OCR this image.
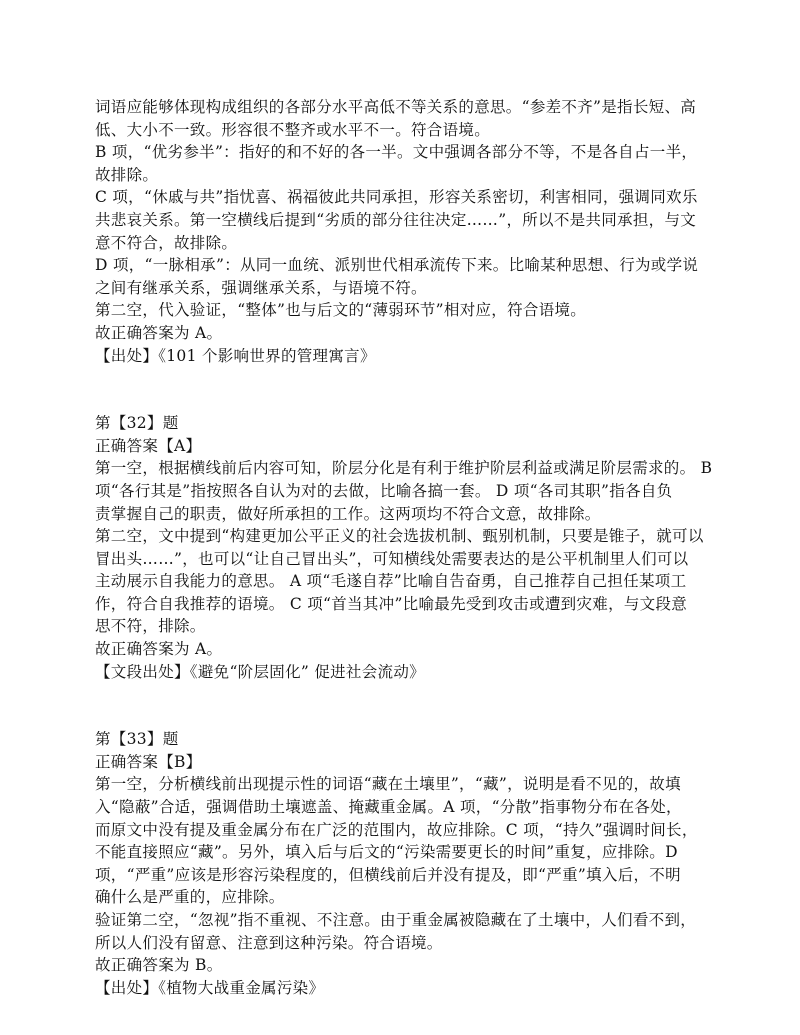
词语应能够体现构成组织的各部分水平高低不等关系的意思。“参差不齐”是指长短、高
低、大小不一致。形容很不整齐或水平不一。符合语境。
B 项，“优劣参半”：指好的和不好的各一半。文中强调各部分不等，不是各自占一半，
故排除。
C 项，“休戚与共”指忧喜、祸福彼此共同承担，形容关系密切，利害相同，强调同欢乐
共悲哀关系。第一空横线后提到“劣质的部分往往决定……”，所以不是共同承担，与文
意不符合，故排除。
D 项，“一脉相承”：从同一血统、派别世代相承流传下来。比喻某种思想、行为或学说
之间有继承关系，强调继承关系，与语境不符。
第二空，代入验证，“整体”也与后文的“薄弱环节”相对应，符合语境。
故正确答案为 A。
【出处】《101 个影响世界的管理寓言》
第【32】题
正确答案【A】
第一空，根据横线前后内容可知，阶层分化是有利于维护阶层利益或满足阶层需求的。 B
项“各行其是”指按照各自认为对的去做，比喻各搞一套。 D 项“各司其职”指各自负
责掌握自己的职责，做好所承担的工作。这两项均不符合文意，故排除。
第二空，文中提到“构建更加公平正义的社会选拔机制、甄别机制，只要是锥子，就可以
冒出头……”，也可以“让自己冒出头”，可知横线处需要表达的是公平机制里人们可以
主动展示自我能力的意思。 A 项“毛遂自荐”比喻自告奋勇，自己推荐自己担任某项工
作，符合自我推荐的语境。 C 项“首当其冲”比喻最先受到攻击或遭到灾难，与文段意
思不符，排除。
故正确答案为 A。
【文段出处】《避免“阶层固化” 促进社会流动》
第【33】题
正确答案【B】
第一空，分析横线前出现提示性的词语“藏在土壤里”，“藏”，说明是看不见的，故填
入“隐蔽”合适，强调借助土壤遮盖、掩藏重金属。A 项，“分散”指事物分布在各处，
而原文中没有提及重金属分布在广泛的范围内，故应排除。C 项，“持久”强调时间长，
不能直接照应“藏”。另外，填入后与后文的“污染需要更长的时间”重复，应排除。D
项，“严重”应该是形容污染程度的，但横线前后并没有提及，即“严重”填入后，不明
确什么是严重的，应排除。
验证第二空，“忽视”指不重视、不注意。由于重金属被隐藏在了土壤中，人们看不到，
所以人们没有留意、注意到这种污染。符合语境。
故正确答案为 B。
【出处】《植物大战重金属污染》
